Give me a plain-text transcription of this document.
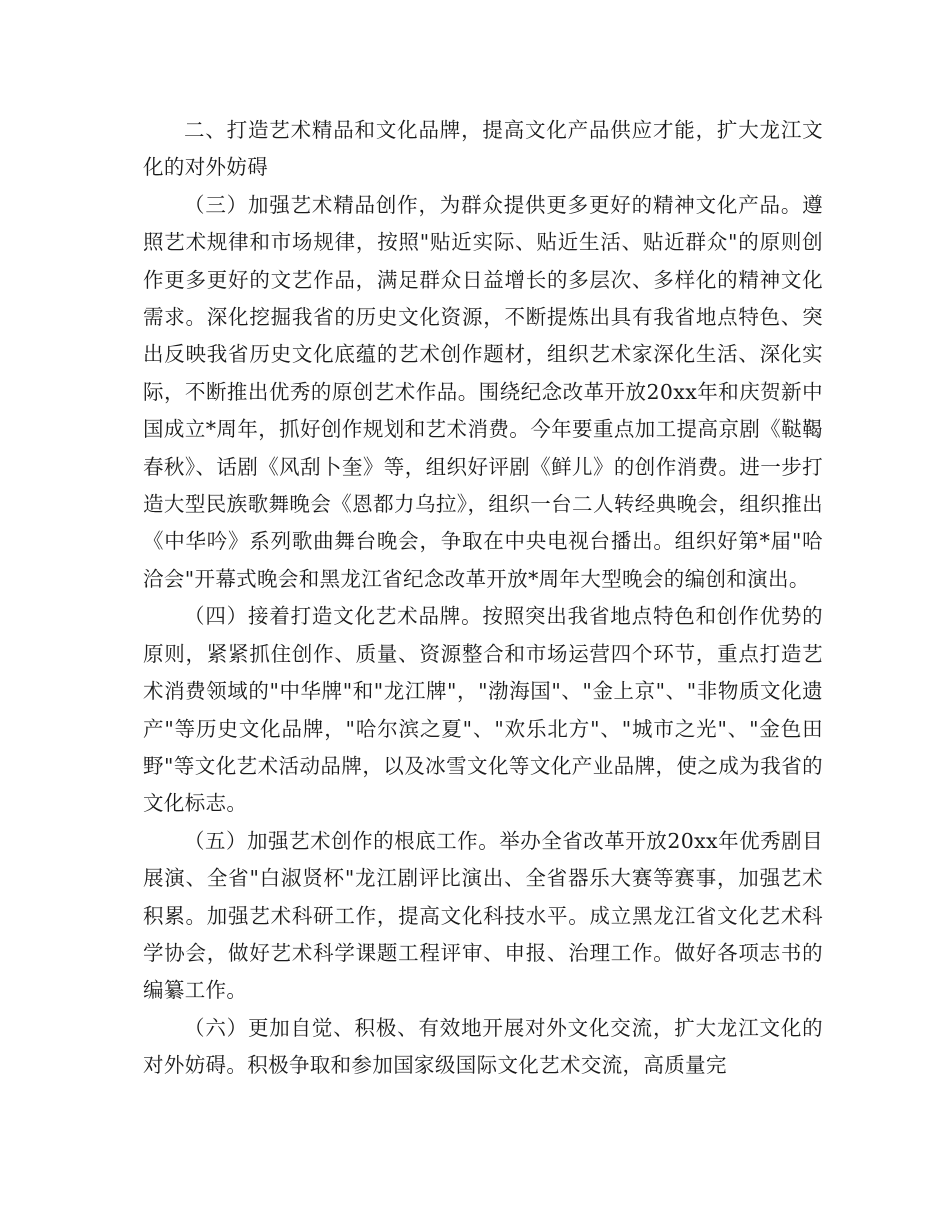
二、打造艺术精品和文化品牌，提高文化产品供应才能，扩大龙江文化的对外妨碍

（三）加强艺术精品创作，为群众提供更多更好的精神文化产品。遵照艺术规律和市场规律，按照"贴近实际、贴近生活、贴近群众"的原则创作更多更好的文艺作品，满足群众日益增长的多层次、多样化的精神文化需求。深化挖掘我省的历史文化资源，不断提炼出具有我省地点特色、突出反映我省历史文化底蕴的艺术创作题材，组织艺术家深化生活、深化实际，不断推出优秀的原创艺术作品。围绕纪念改革开放20xx年和庆贺新中国成立*周年，抓好创作规划和艺术消费。今年要重点加工提高京剧《鞑鞨春秋》、话剧《风刮卜奎》等，组织好评剧《鲜儿》的创作消费。进一步打造大型民族歌舞晚会《恩都力乌拉》，组织一台二人转经典晚会，组织推出《中华吟》系列歌曲舞台晚会，争取在中央电视台播出。组织好第*届"哈洽会"开幕式晚会和黑龙江省纪念改革开放*周年大型晚会的编创和演出。

（四）接着打造文化艺术品牌。按照突出我省地点特色和创作优势的原则，紧紧抓住创作、质量、资源整合和市场运营四个环节，重点打造艺术消费领域的"中华牌"和"龙江牌"，"渤海国"、"金上京"、"非物质文化遗产"等历史文化品牌，"哈尔滨之夏"、"欢乐北方"、"城市之光"、"金色田野"等文化艺术活动品牌，以及冰雪文化等文化产业品牌，使之成为我省的文化标志。

（五）加强艺术创作的根底工作。举办全省改革开放20xx年优秀剧目展演、全省"白淑贤杯"龙江剧评比演出、全省器乐大赛等赛事，加强艺术积累。加强艺术科研工作，提高文化科技水平。成立黑龙江省文化艺术科学协会，做好艺术科学课题工程评审、申报、治理工作。做好各项志书的编纂工作。

（六）更加自觉、积极、有效地开展对外文化交流，扩大龙江文化的对外妨碍。积极争取和参加国家级国际文化艺术交流，高质量完
